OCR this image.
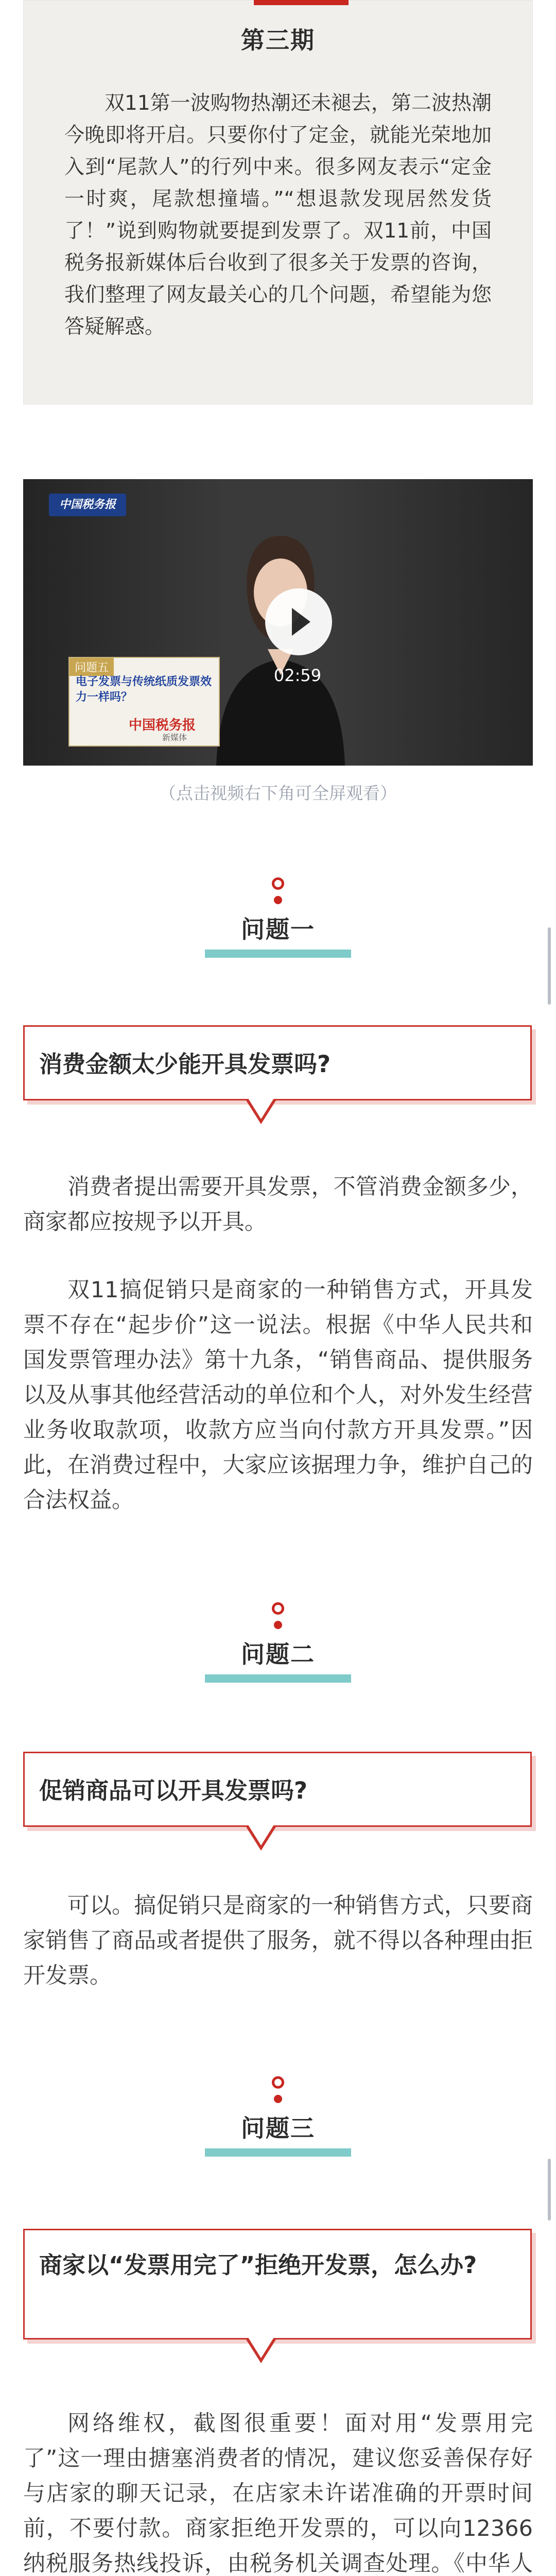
第三期
双11第一波购物热潮还未褪去，第二波热潮今晚即将开启。只要你付了定金，就能光荣地加入到“尾款人”的行列中来。很多网友表示“定金一时爽，尾款想撞墙。”“想退款发现居然发货了！”说到购物就要提到发票了。双11前，中国税务报新媒体后台收到了很多关于发票的咨询，我们整理了网友最关心的几个问题，希望能为您答疑解惑。
中国税务报
问题五
电子发票与传统纸质发票效力一样吗？
中国税务报
新媒体
02:59
（点击视频右下角可全屏观看）
问题一
消费金额太少能开具发票吗?
消费者提出需要开具发票，不管消费金额多少，商家都应按规予以开具。
双11搞促销只是商家的一种销售方式，开具发票不存在“起步价”这一说法。根据《中华人民共和国发票管理办法》第十九条，“销售商品、提供服务以及从事其他经营活动的单位和个人，对外发生经营业务收取款项，收款方应当向付款方开具发票。”因此，在消费过程中，大家应该据理力争，维护自己的合法权益。
问题二
促销商品可以开具发票吗?
可以。搞促销只是商家的一种销售方式，只要商家销售了商品或者提供了服务，就不得以各种理由拒开发票。
问题三
商家以“发票用完了”拒绝开发票，怎么办?
网络维权，截图很重要！面对用“发票用完了”这一理由搪塞消费者的情况，建议您妥善保存好与店家的聊天记录，在店家未许诺准确的开票时间前，不要付款。商家拒绝开发票的，可以向12366纳税服务热线投诉，由税务机关调查处理。《中华人
